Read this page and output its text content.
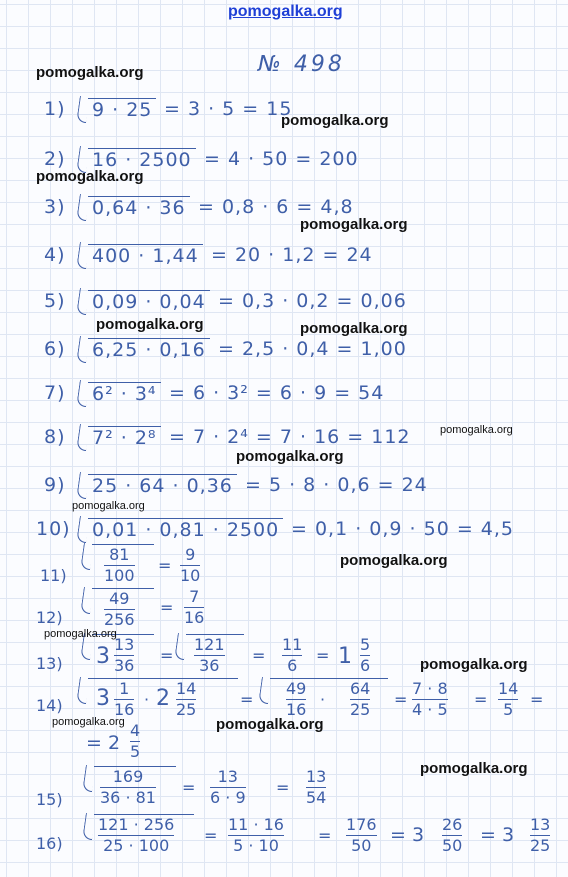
№ 498
1) 9 · 25 = 3 · 5 = 15
2) 16 · 2500 = 4 · 50 = 200
3) 0,64 · 36 = 0,8 · 6 = 4,8
4) 400 · 1,44 = 20 · 1,2 = 24
5) 0,09 · 0,04 = 0,3 · 0,2 = 0,06
6) 6,25 · 0,16 = 2,5 · 0,4 = 1,00
7) 6² · 3⁴ = 6 · 3² = 6 · 9 = 54
8) 7² · 2⁸ = 7 · 2⁴ = 7 · 16 = 112
9) 25 · 64 · 0,36 = 5 · 8 · 0,6 = 24
10) 0,01 · 0,81 · 2500 = 0,1 · 0,9 · 50 = 4,5
11)
81
100
=
9
10
12)
49
256
=
7
16
13) 3 13
36
=
121
36
=
11
6
= 1 5
6
14) 3 1
16
· 2 14
25
=
49
16
·
64
25
=
7 · 8
4 · 5
=
14
5
=
= 2
4
5
15)
169
36 · 81
=
13
6 · 9
=
13
54
16)
121 · 256
25 · 100
=
11 · 16
5 · 10
=
176
50 = 3 26
50 = 3 13
25
pomogalka.org
pomogalka.org
pomogalka.org
pomogalka.org
pomogalka.org
pomogalka.org	pomogalka.org
pomogalka.org
pomogalka.org
pomogalka.org
pomogalka.org
pomogalka.org
pomogalka.org
pomogalka.org	pomogalka.org
pomogalka.org
